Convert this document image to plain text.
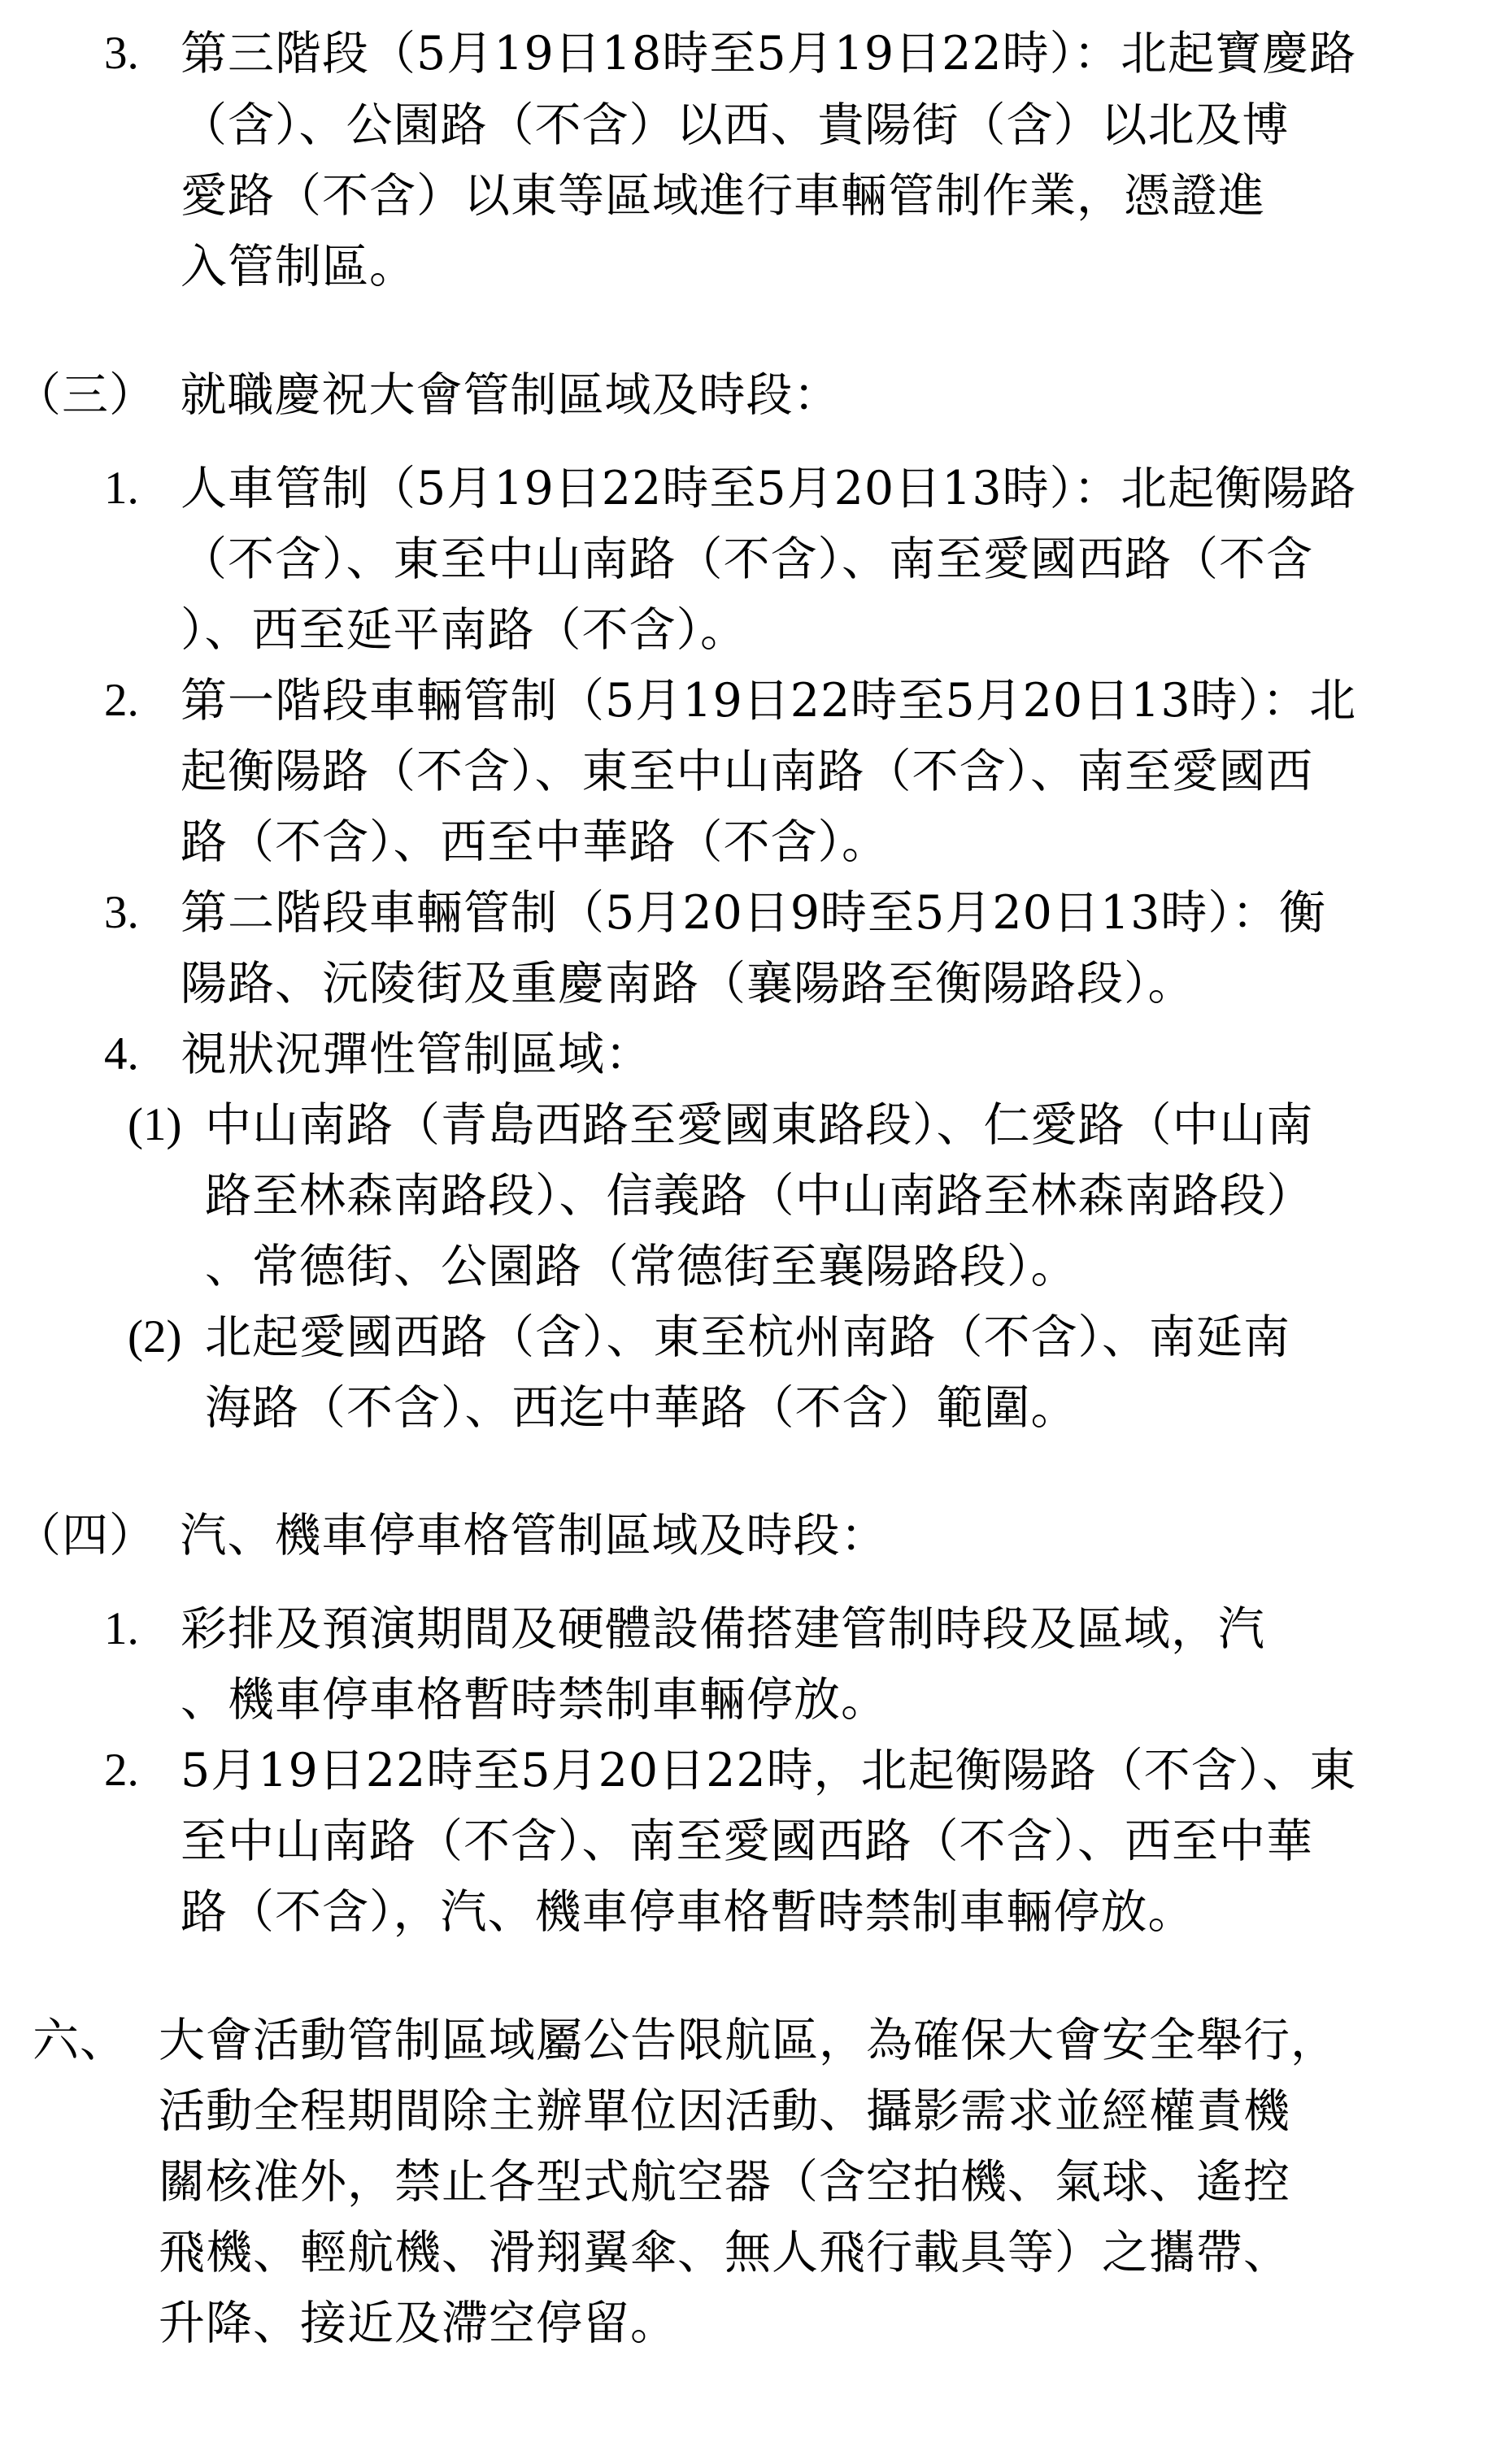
3. 第三階段（5月19日18時至5月19日22時）：北起寶慶路
（含）、公園路（不含）以西、貴陽街（含）以北及博
愛路（不含）以東等區域進行車輛管制作業，憑證進
入管制區。
（三）　就職慶祝大會管制區域及時段：
1. 人車管制（5月19日22時至5月20日13時）：北起衡陽路
（不含）、東至中山南路（不含）、南至愛國西路（不含
）、西至延平南路（不含）。
2. 第一階段車輛管制（5月19日22時至5月20日13時）：北
起衡陽路（不含）、東至中山南路（不含）、南至愛國西
路（不含）、西至中華路（不含）。
3. 第二階段車輛管制（5月20日9時至5月20日13時）：衡
陽路、沅陵街及重慶南路（襄陽路至衡陽路段）。
4. 視狀況彈性管制區域：
(1) 中山南路（青島西路至愛國東路段）、仁愛路（中山南
路至林森南路段）、信義路（中山南路至林森南路段）
、常德街、公園路（常德街至襄陽路段）。
(2) 北起愛國西路（含）、東至杭州南路（不含）、南延南
海路（不含）、西迄中華路（不含）範圍。
（四）　汽、機車停車格管制區域及時段：
1. 彩排及預演期間及硬體設備搭建管制時段及區域，汽
、機車停車格暫時禁制車輛停放。
2. 5月19日22時至5月20日22時，北起衡陽路（不含）、東
至中山南路（不含）、南至愛國西路（不含）、西至中華
路（不含），汽、機車停車格暫時禁制車輛停放。
六、 大會活動管制區域屬公告限航區，為確保大會安全舉行，
活動全程期間除主辦單位因活動、攝影需求並經權責機
關核准外，禁止各型式航空器（含空拍機、氣球、遙控
飛機、輕航機、滑翔翼傘、無人飛行載具等）之攜帶、
升降、接近及滯空停留。
